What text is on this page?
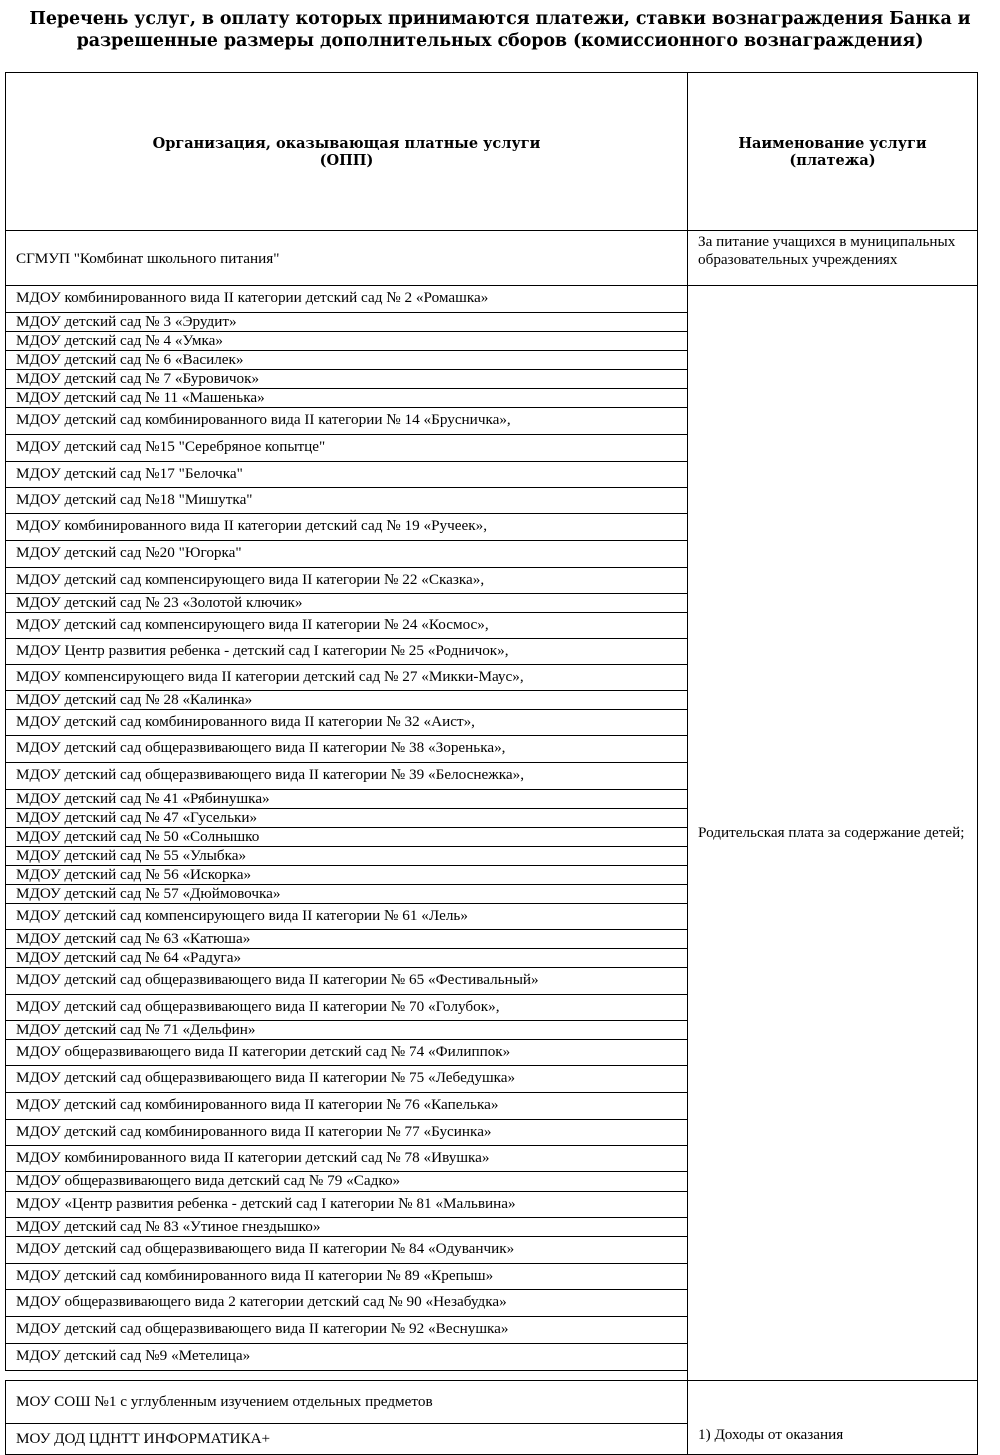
Перечень услуг, в оплату которых принимаются платежи, ставки вознаграждения Банка и
разрешенные размеры дополнительных сборов (комиссионного вознаграждения)
Организация, оказывающая платные услуги
(ОПП)
Наименование услуги
(платежа)
СГМУП "Комбинат школьного питания"
За питание учащихся в муниципальных образовательных учреждениях
МДОУ комбинированного вида II категории детский сад № 2 «Ромашка»
МДОУ детский сад № 3 «Эрудит»
МДОУ детский сад № 4 «Умка»
МДОУ детский сад № 6 «Василек»
МДОУ детский сад № 7 «Буровичок»
МДОУ детский сад № 11 «Машенька»
МДОУ детский сад комбинированного вида II категории № 14 «Брусничка»,
МДОУ детский сад №15 "Серебряное копытце"
МДОУ детский сад №17 "Белочка"
МДОУ детский сад №18 "Мишутка"
МДОУ комбинированного вида II категории детский сад № 19 «Ручеек»,
МДОУ детский сад №20 "Югорка"
МДОУ детский сад компенсирующего вида II категории № 22 «Сказка»,
МДОУ детский сад № 23 «Золотой ключик»
МДОУ детский сад компенсирующего вида II категории № 24 «Космос»,
МДОУ Центр развития ребенка - детский сад I категории № 25 «Родничок»,
МДОУ компенсирующего вида II категории детский сад № 27 «Микки-Маус»,
МДОУ детский сад № 28 «Калинка»
МДОУ детский сад комбинированного вида II категории № 32 «Аист»,
МДОУ детский сад общеразвивающего вида II категории № 38 «Зоренька»,
МДОУ детский сад общеразвивающего вида II категории № 39 «Белоснежка»,
МДОУ детский сад № 41 «Рябинушка»
МДОУ детский сад № 47 «Гусельки»
МДОУ детский сад № 50 «Солнышко
МДОУ детский сад № 55 «Улыбка»
МДОУ детский сад № 56 «Искорка»
МДОУ детский сад № 57 «Дюймовочка»
МДОУ детский сад компенсирующего вида II категории № 61 «Лель»
МДОУ детский сад № 63 «Катюша»
МДОУ детский сад № 64 «Радуга»
МДОУ детский сад общеразвивающего вида II категории № 65 «Фестивальный»
МДОУ детский сад общеразвивающего вида II категории № 70 «Голубок»,
МДОУ детский сад № 71 «Дельфин»
МДОУ общеразвивающего вида II категории детский сад № 74 «Филиппок»
МДОУ детский сад общеразвивающего вида II категории № 75 «Лебедушка»
МДОУ детский сад комбинированного вида II категории № 76 «Капелька»
МДОУ детский сад комбинированного вида II категории № 77 «Бусинка»
МДОУ комбинированного вида II категории детский сад № 78 «Ивушка»
МДОУ общеразвивающего вида детский сад № 79 «Садко»
МДОУ «Центр развития ребенка - детский сад I категории № 81 «Мальвина»
МДОУ детский сад № 83 «Утиное гнездышко»
МДОУ детский сад общеразвивающего вида II категории № 84 «Одуванчик»
МДОУ детский сад комбинированного вида II категории № 89 «Крепыш»
МДОУ общеразвивающего вида 2 категории детский сад № 90 «Незабудка»
МДОУ детский сад общеразвивающего вида II категории № 92 «Веснушка»
МДОУ детский сад №9 «Метелица»
Родительская плата за содержание детей;
МОУ СОШ №1 с углубленным изучением отдельных предметов
МОУ ДОД ЦДНТТ ИНФОРМАТИКА+	1) Доходы от оказания
